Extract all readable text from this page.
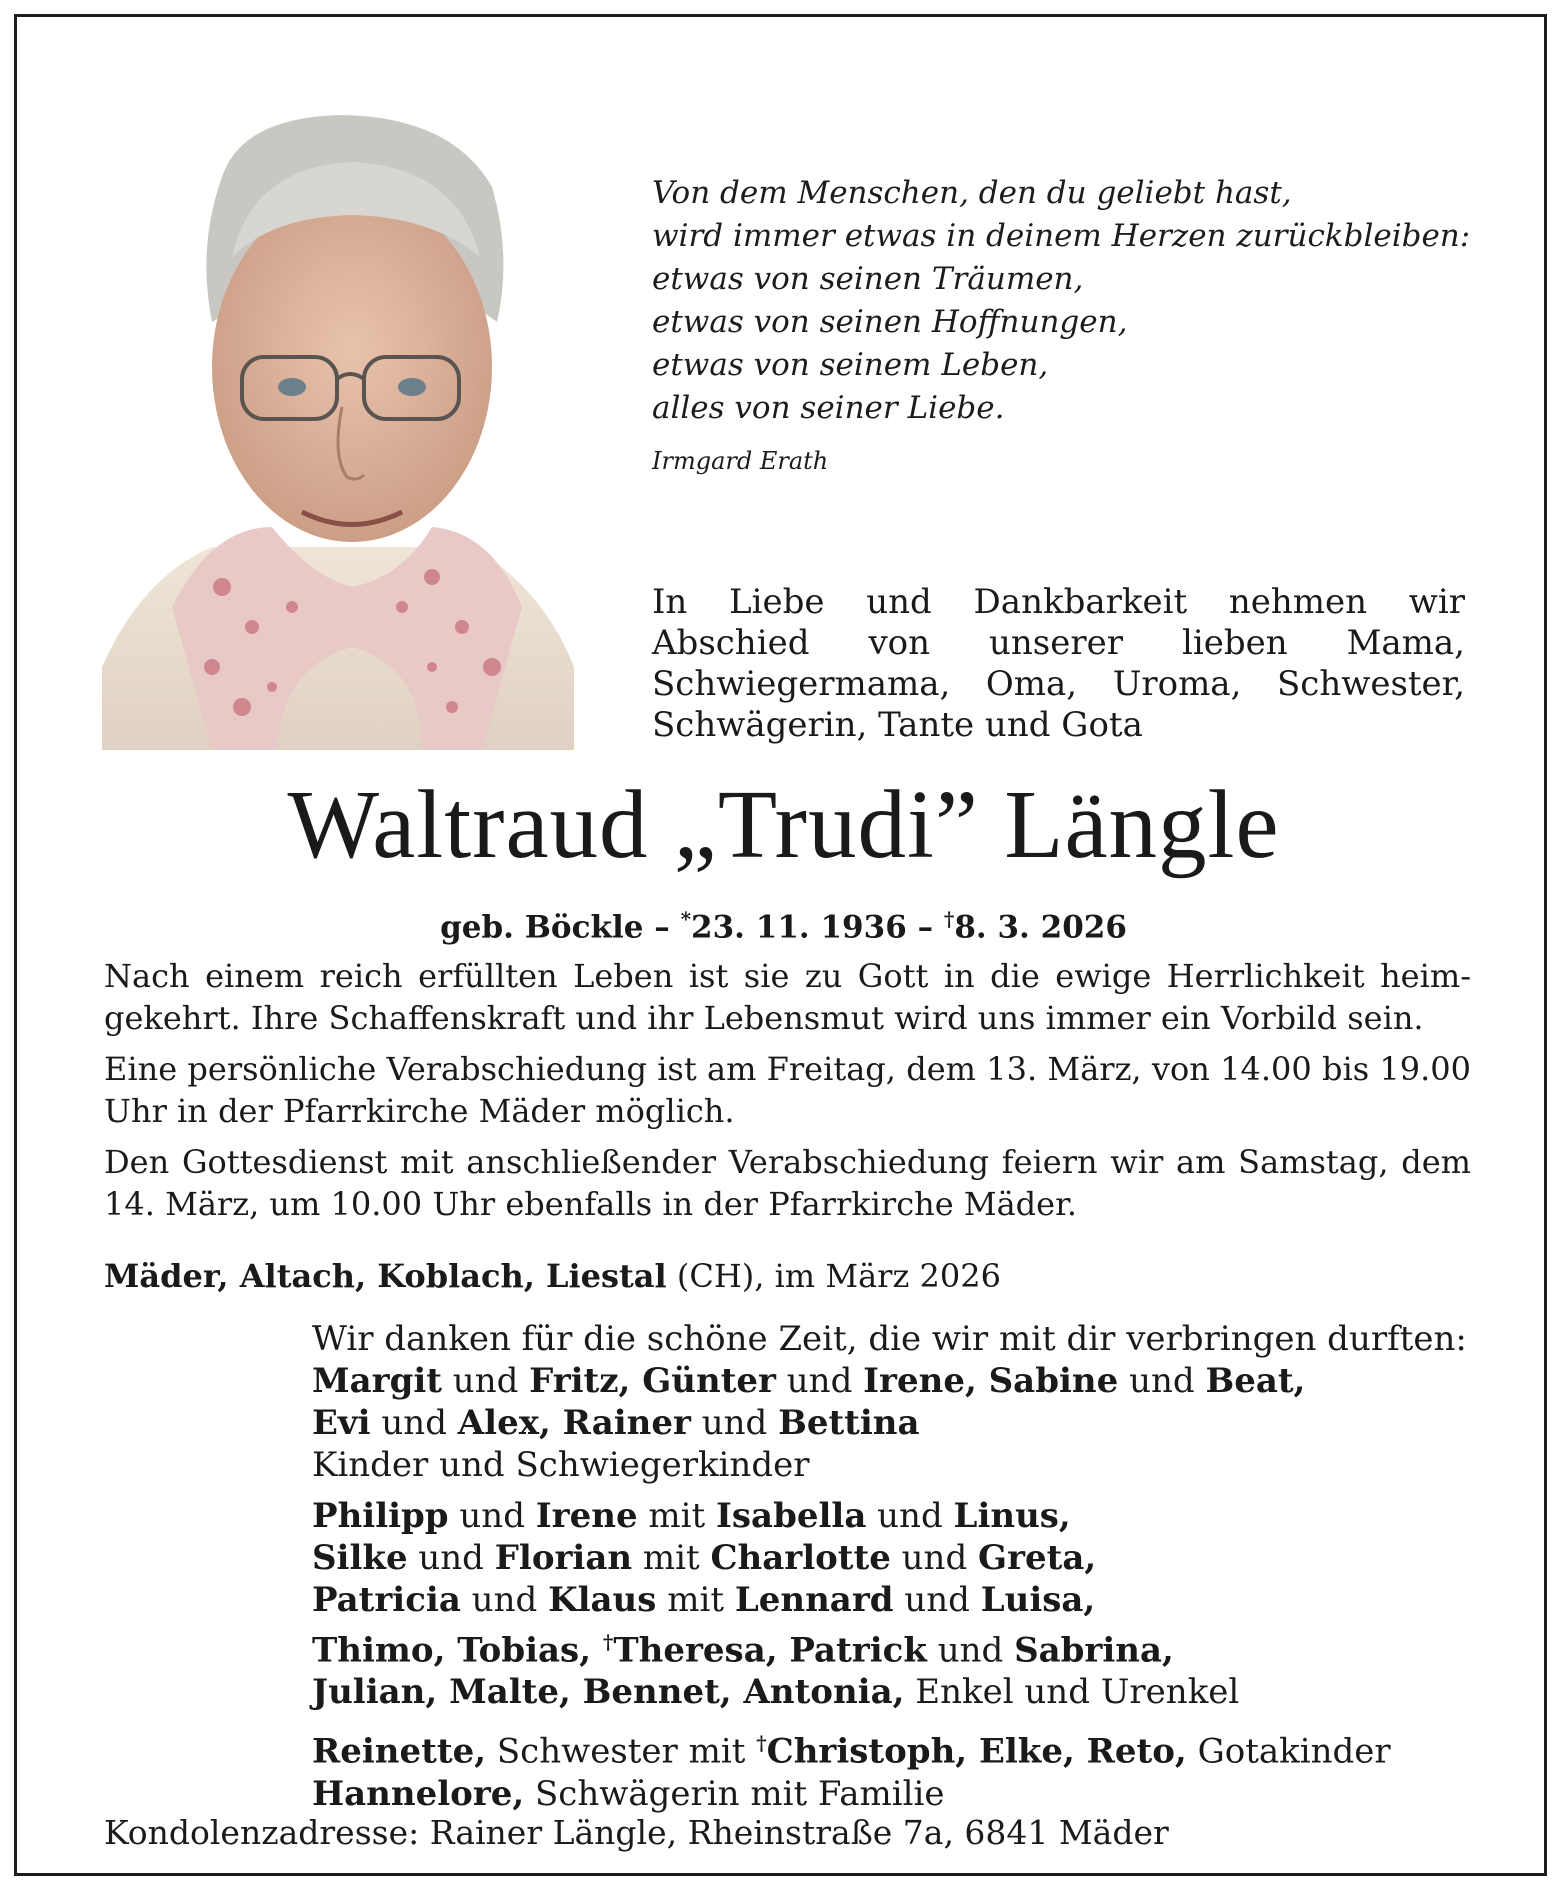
Von dem Menschen, den du geliebt hast,
wird immer etwas in deinem Herzen zurückbleiben:
etwas von seinen Träumen,
etwas von seinen Hoffnungen,
etwas von seinem Leben,
alles von seiner Liebe.
Irmgard Erath
In Liebe und Dankbarkeit nehmen wir Abschied von unserer lieben Mama, Schwiegermama, Oma, Uroma, Schwester, Schwägerin, Tante und Gota
Waltraud „Trudi” Längle
geb. Böckle – *23. 11. 1936 – †8. 3. 2026

Nach einem reich erfüllten Leben ist sie zu Gott in die ewige Herrlichkeit heimgekehrt. Ihre Schaffenskraft und ihr Lebensmut wird uns immer ein Vorbild sein.

Eine persönliche Verabschiedung ist am Freitag, dem 13. März, von 14.00 bis 19.00 Uhr in der Pfarrkirche Mäder möglich.

Den Gottesdienst mit anschließender Verabschiedung feiern wir am Samstag, dem 14. März, um 10.00 Uhr ebenfalls in der Pfarrkirche Mäder.

Mäder, Altach, Koblach, Liestal (CH), im März 2026
Wir danken für die schöne Zeit, die wir mit dir verbringen durften:
Margit und Fritz, Günter und Irene, Sabine und Beat,
Evi und Alex, Rainer und Bettina
Kinder und Schwiegerkinder
Philipp und Irene mit Isabella und Linus,
Silke und Florian mit Charlotte und Greta,
Patricia und Klaus mit Lennard und Luisa,
Thimo, Tobias, †Theresa, Patrick und Sabrina,
Julian, Malte, Bennet, Antonia, Enkel und Urenkel
Reinette, Schwester mit †Christoph, Elke, Reto, Gotakinder
Hannelore, Schwägerin mit Familie
Kondolenzadresse: Rainer Längle, Rheinstraße 7a, 6841 Mäder
